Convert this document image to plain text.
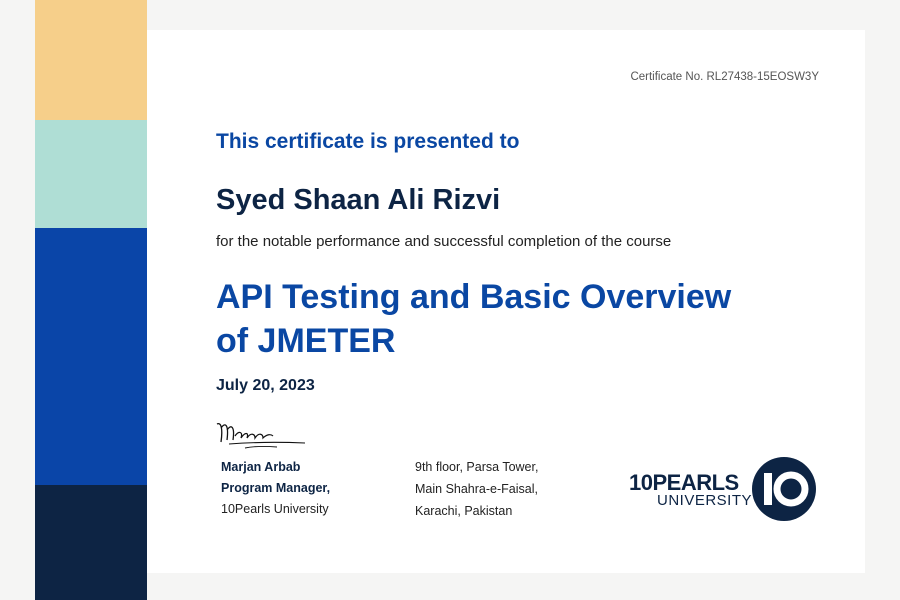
Certificate No. RL27438-15EOSW3Y
This certificate is presented to
Syed Shaan Ali Rizvi
for the notable performance and successful completion of the course
API Testing and Basic Overview
of JMETER
July 20, 2023
Marjan Arbab
Program Manager,
10Pearls University
9th floor, Parsa Tower,
Main Shahra-e-Faisal,
Karachi, Pakistan
10PEARLS
UNIVERSITY
